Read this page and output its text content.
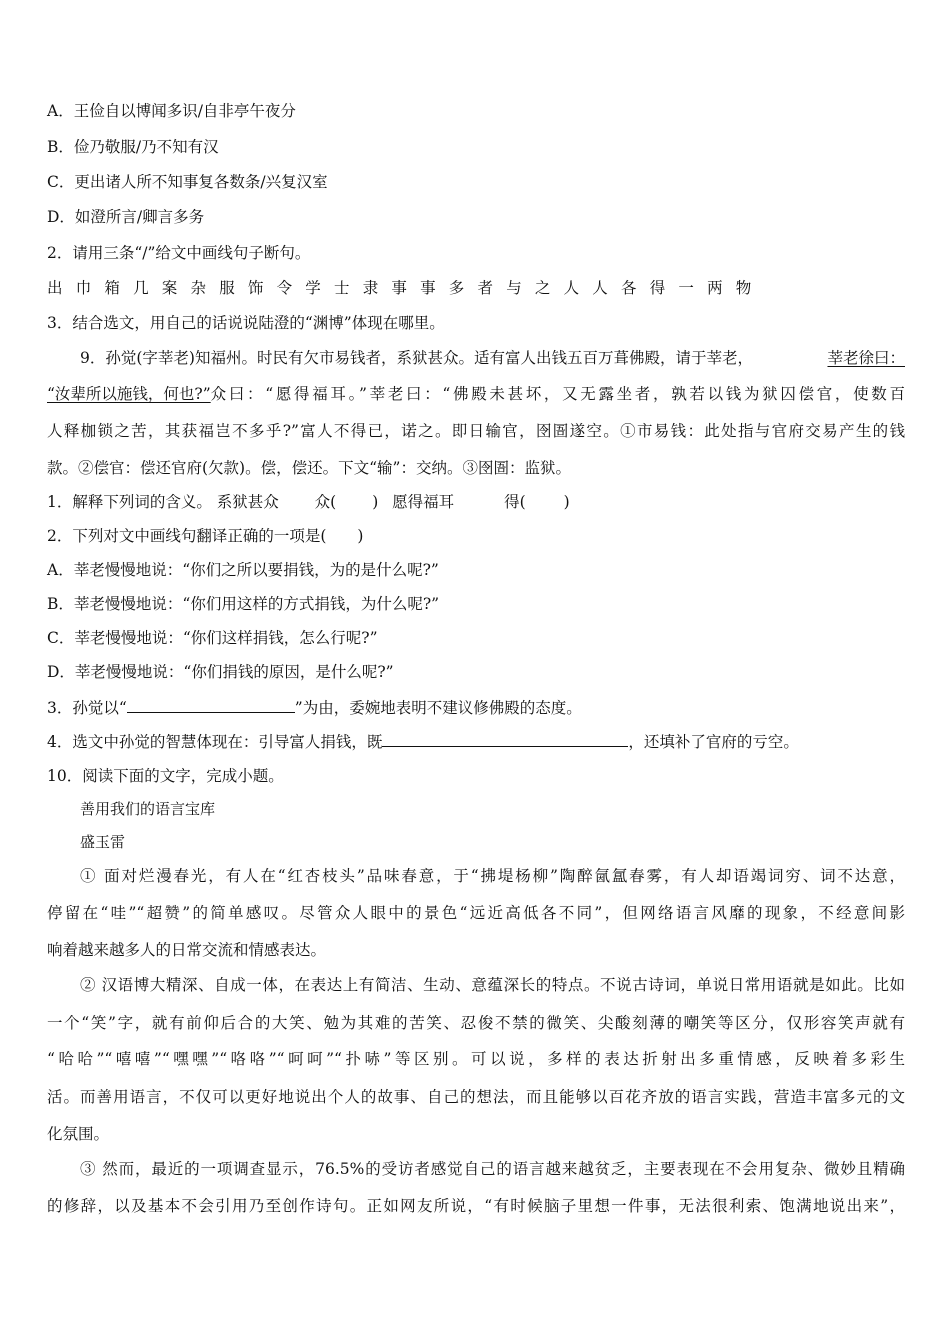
A．王俭自以博闻多识/自非亭午夜分
B．俭乃敬服/乃不知有汉
C．更出诸人所不知事复各数条/兴复汉室
D．如澄所言/卿言多务
2．请用三条“/”给文中画线句子断句。
出巾箱几案杂服饰令学士隶事事多者与之人人各得一两物
3．结合选文，用自己的话说说陆澄的“渊博”体现在哪里。
9．孙觉(字莘老)知福州。时民有欠市易钱者，系狱甚众。适有富人出钱五百万葺佛殿，请于莘老，	莘老徐曰：
“汝辈所以施钱，何也?” 众曰：“愿得福耳。”莘老曰：“佛殿未甚坏，又无露坐者，孰若以钱为狱囚偿官，使数百
人释枷锁之苦，其获福岂不多乎?”富人不得已，诺之。即日输官，囹圄遂空。①市易钱：此处指与官府交易产生的钱
款。②偿官：偿还官府(欠款)。偿，偿还。下文“输”：交纳。③囹圄：监狱。
1．解释下列词的含义。 系狱甚众 众( ) 愿得福耳	得( )
2．下列对文中画线句翻译正确的一项是(　　)
A．莘老慢慢地说：“你们之所以要捐钱，为的是什么呢?”
B．莘老慢慢地说：“你们用这样的方式捐钱，为什么呢?”
C．莘老慢慢地说：“你们这样捐钱，怎么行呢?”
D．莘老慢慢地说：“你们捐钱的原因，是什么呢?”
3．孙觉以“	”为由，委婉地表明不建议修佛殿的态度。
4．选文中孙觉的智慧体现在：引导富人捐钱，既	，还填补了官府的亏空。
10．阅读下面的文字，完成小题。
善用我们的语言宝库
盛玉雷
① 面对烂漫春光，有人在“红杏枝头”品味春意，于“拂堤杨柳”陶醉氤氲春雾，有人却语竭词穷、词不达意，
停留在“哇”“超赞”的简单感叹。尽管众人眼中的景色“远近高低各不同”，但网络语言风靡的现象，不经意间影
响着越来越多人的日常交流和情感表达。
② 汉语博大精深、自成一体，在表达上有简洁、生动、意蕴深长的特点。不说古诗词，单说日常用语就是如此。比如
一个“笑”字，就有前仰后合的大笑、勉为其难的苦笑、忍俊不禁的微笑、尖酸刻薄的嘲笑等区分，仅形容笑声就有
“哈哈”“嘻嘻”“嘿嘿”“咯咯”“呵呵”“扑哧”等区别。可以说，多样的表达折射出多重情感，反映着多彩生
活。而善用语言，不仅可以更好地说出个人的故事、自己的想法，而且能够以百花齐放的语言实践，营造丰富多元的文
化氛围。
③ 然而，最近的一项调查显示，76.5%的受访者感觉自己的语言越来越贫乏，主要表现在不会用复杂、微妙且精确
的修辞，以及基本不会引用乃至创作诗句。正如网友所说，“有时候脑子里想一件事，无法很利索、饱满地说出来”，
